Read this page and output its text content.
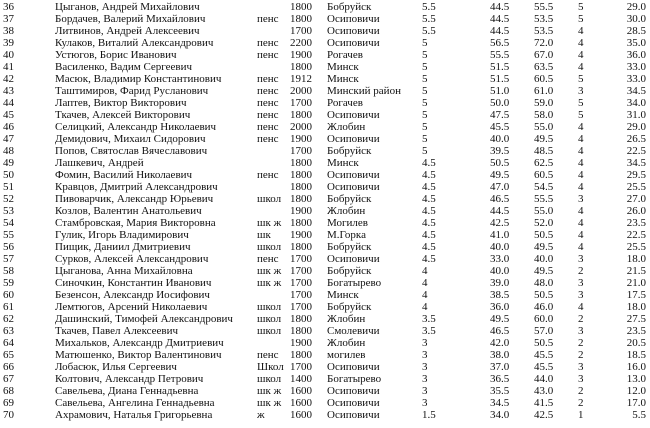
36	Цыганов, Андрей Михайлович	1800	Бобруйск	5.5	44.5	55.5	5	29.0
37	Бордачев, Валерий Михайлович	пенс	1800	Осиповичи	5.5	44.5	53.5	5	30.0
38	Литвинов, Андрей Алексеевич	1700	Осиповичи	5.5	44.5	53.5	4	28.5
39	Кулаков, Виталий Александрович	пенс	2200	Осиповичи	5	56.5	72.0	4	35.0
40	Устюгов, Борис Иванович	пенс	1900	Рогачев	5	55.5	67.0	4	36.0
41	Василенко, Вадим Сергеевич	1800	Минск	5	51.5	63.5	4	33.0
42	Масюк, Владимир Константинович	пенс	1912	Минск	5	51.5	60.5	5	33.0
43	Таштимиров, Фарид Русланович	пенс	2000	Минский район	5	51.0	61.0	3	34.5
44	Лаптев, Виктор Викторович	пенс	1700	Рогачев	5	50.0	59.0	5	34.0
45	Ткачев, Алексей Викторович	пенс	1800	Осиповичи	5	47.5	58.0	5	31.0
46	Селицкий, Александр Николаевич	пенс	2000	Жлобин	5	45.5	55.0	4	29.0
47	Демидович, Михаил Сидорович	пенс	1900	Осиповичи	5	40.0	49.5	4	26.5
48	Попов, Святослав Вячеславович	1700	Бобруйск	5	39.5	48.5	4	22.5
49	Лашкевич, Андрей	1800	Минск	4.5	50.5	62.5	4	34.5
50	Фомин, Василий Николаевич	пенс	1800	Осиповичи	4.5	49.5	60.5	4	29.5
51	Кравцов, Дмитрий Александрович	1800	Осиповичи	4.5	47.0	54.5	4	25.5
52	Пивоварчик, Александр Юрьевич	школ 1800	Бобруйск	4.5	46.5	55.5	3	27.0
53	Козлов, Валентин Анатольевич	1900	Жлобин	4.5	44.5	55.0	4	26.0
54	Стамбровская, Мария Викторовна	шк ж 1800	Могилев	4.5	42.5	52.0	4	23.5
55	Гулик, Игорь Владимирович	шк	1900	М.Горка	4.5	41.0	50.5	4	22.5
56	Пищик, Даниил Дмитриевич	школ 1800	Бобруйск	4.5	40.0	49.5	4	25.5
57	Сурков, Алексей Александрович	пенс	1700	Осиповичи	4.5	33.0	40.0	3	18.0
58	Цыганова, Анна Михайловна	шк ж 1700	Бобруйск	4	40.0	49.5	2	21.5
59	Синочкин, Константин Иванович	шк ж 1700	Богатырево	4	39.0	48.0	3	21.0
60	Безенсон, Александр Иосифович	1700	Минск	4	38.5	50.5	3	17.5
61	Лемтюгов, Арсений Николаевич	школ 1700	Бобруйск	4	36.0	46.0	4	18.0
62	Дашинский, Тимофей Александрович	школ 1800	Жлобин	3.5	49.5	60.0	2	27.5
63	Ткачев, Павел Алексеевич	школ 1800	Смолевичи	3.5	46.5	57.0	3	23.5
64	Михальков, Александр Дмитриевич	1900	Жлобин	3	42.0	50.5	2	20.5
65	Матюшенко, Виктор Валентинович	пенс	1800	могилев	3	38.0	45.5	2	18.5
66	Лобасюк, Илья Сергеевич	Школ 1700	Осиповичи	3	37.0	45.5	3	16.0
67	Колтович, Александр Петрович	школ 1400	Богатырево	3	36.5	44.0	3	13.0
68	Савельева, Диана Геннадьевна	шк ж 1600	Осиповичи	3	35.5	43.0	2	12.0
69	Савельева, Ангелина Геннадьевна	шк ж 1600	Осиповичи	3	34.5	41.5	2	17.0
70	Ахрамович, Наталья Григорьевна	ж	1600	Осиповичи	1.5	34.0	42.5	1	5.5
